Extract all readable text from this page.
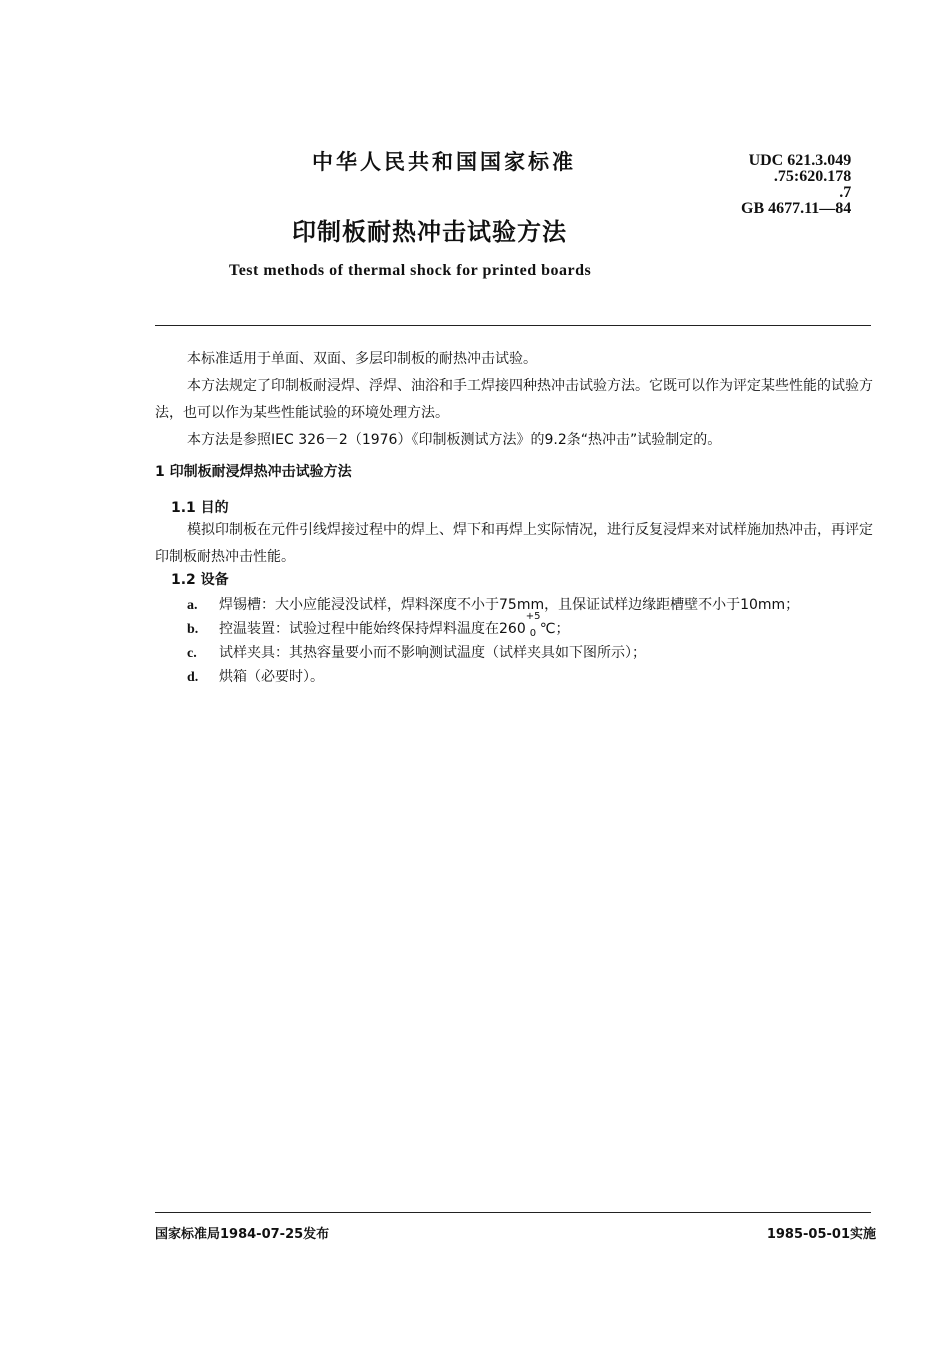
中华人民共和国国家标准	UDC 621.3.049
.75:620.178
.7
GB 4677.11—84
印制板耐热冲击试验方法
Test methods of thermal shock for printed boards

本标准适用于单面、双面、多层印制板的耐热冲击试验。

本方法规定了印制板耐浸焊、浮焊、油浴和手工焊接四种热冲击试验方法。它既可以作为评定某些性能的试验方法，也可以作为某些性能试验的环境处理方法。

本方法是参照IEC 326－2（1976）《印制板测试方法》的9.2条“热冲击”试验制定的。

1 印制板耐浸焊热冲击试验方法
1.1 目的

模拟印制板在元件引线焊接过程中的焊上、焊下和再焊上实际情况，进行反复浸焊来对试样施加热冲击，再评定印制板耐热冲击性能。

1.2 设备
a. 焊锡槽：大小应能浸没试样，焊料深度不小于75mm，且保证试样边缘距槽壁不小于10mm；
b. 控温装置：试验过程中能始终保持焊料温度在260
+5
0 ℃；
c. 试样夹具：其热容量要小而不影响测试温度（试样夹具如下图所示）；
d. 烘箱（必要时）。
国家标准局1984-07-25发布	1985-05-01实施
